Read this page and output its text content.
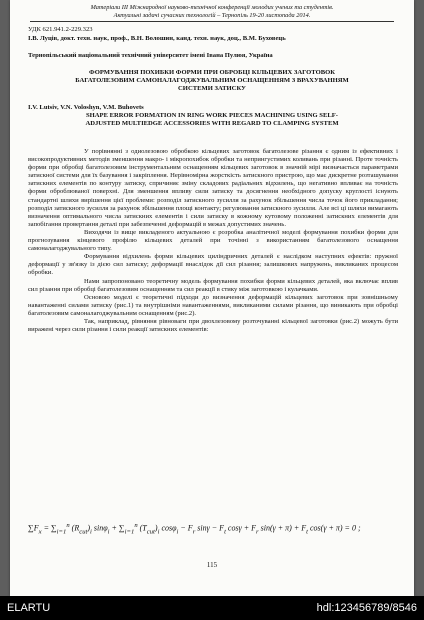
Матеріали ІІІ Міжнародної науково-технічної конференції молодих учених та студентів.
Актуальні задачі сучасних технологій – Тернопіль 19-20 листопада 2014.
УДК 621.941.2-229.323
І.В. Луців, докт. техн. наук, проф., В.Н. Волошин, канд. техн. наук, доц., В.М. Буховець
Тернопільський національний технічний університет імені Івана Пулюя, Україна
ФОРМУВАННЯ ПОХИБКИ ФОРМИ ПРИ ОБРОБЦІ КІЛЬЦЕВИХ ЗАГОТОВОК БАГАТОЛЕЗОВИМ САМОНАЛАГОДЖУВАЛЬНИМ ОСНАЩЕННЯМ З ВРАХУВАННЯМ СИСТЕМИ ЗАТИСКУ
I.V. Lutsiv, V.N. Voloshyn, V.M. Buhovets
SHAPE ERROR FORMATION IN RING WORK PIECES MACHINING USING SELF-ADJUSTED MULTIEDGE ACCESSORIES WITH REGARD TO CLAMPING SYSTEM

У порівнянні з одиолезовою обробкою кільцевих заготовок багатолезове різання є одним із ефективних і високопродуктивних методів зменшення макро- і мікропохибок обробки та непрингустимих коливань при різанні. Проте точність форми при обробці багатолезовим інструментальним оснащенням кільцевих заготовок в значній мірі визначається параметрами затискної системи для їх базування і закріплення. Нерівномірна жорсткість затискного пристрою, що має дискретне розташування затискних елементів по контуру затиску, спричиняє зміну складових радіальних відхилень, що негативно впливає на точність форми оброблюваної поверхні. Для зменшення впливу сили затиску та досягнення необхідного допуску круглості існують стандартні шляхи вирішення цієї проблеми: розподіл затискного зусилля за рахунок збільшення числа точок його прикладання; розподіл затискного зусилля за рахунок збільшення площі контакту; регулювання затискного зусилля. Але всі ці шляхи вимагають визначення оптимального числа затискних елементів і сили затиску в кожному кутовому положенні затискних елементів для запобігання провертання деталі при забезпеченні деформацій в межах допустимих значень.

Виходячи із вище викладеного актуальною є розробка аналітичної моделі формування похибки форми для прогнозування кінцевого профілю кільцевих деталей при точінні з використанням багатолезового оснащення самоналагоджувального типу.

Формування відхилень форми кільцевих циліндричних деталей є наслідком наступних ефектів: пружної деформації у зв'язку із дією сил затиску; деформації внаслідок дії сил різання; залишкових напружень, викликаних процесом обробки.

Нами запропоновано теоретичну модель формування похибки форми кільцевих деталей, яка включає вплив сил різання при обробці багатолезовим оснащенням та сил реакції в стику між заготовкою і кулачками.

Основою моделі є теоретичні підходи до визначення деформацій кільцевих заготовок при зовнішньому навантаженні силами затиску (рис.1) та внутрішніми навантаженнями, викликаними силами різання, що виникають при обробці багатолезовим самоналагоджувальним оснащенням (рис.2).

Так, наприклад, рівняння рівноваги при двохлезовому розточуванні кільцевої заготовки (рис.2) можуть бути виражені через сили різання і сили реакції затискних елементів:

$\sum F_x = \sum_{i=1}^n$ $(R_{cut})_i$ $\sin\varphi_i + \sum_{i=1}^n$ $(T_{cut})_i$ $\cos\varphi_i - F_r$ $\sin\gamma - F_t$ $\cos\gamma + F_r$ $\sin(\gamma + \pi) + F_t$ cos(γ + π) = 0 ;
115
ELARTU	hdl:123456789/8546
